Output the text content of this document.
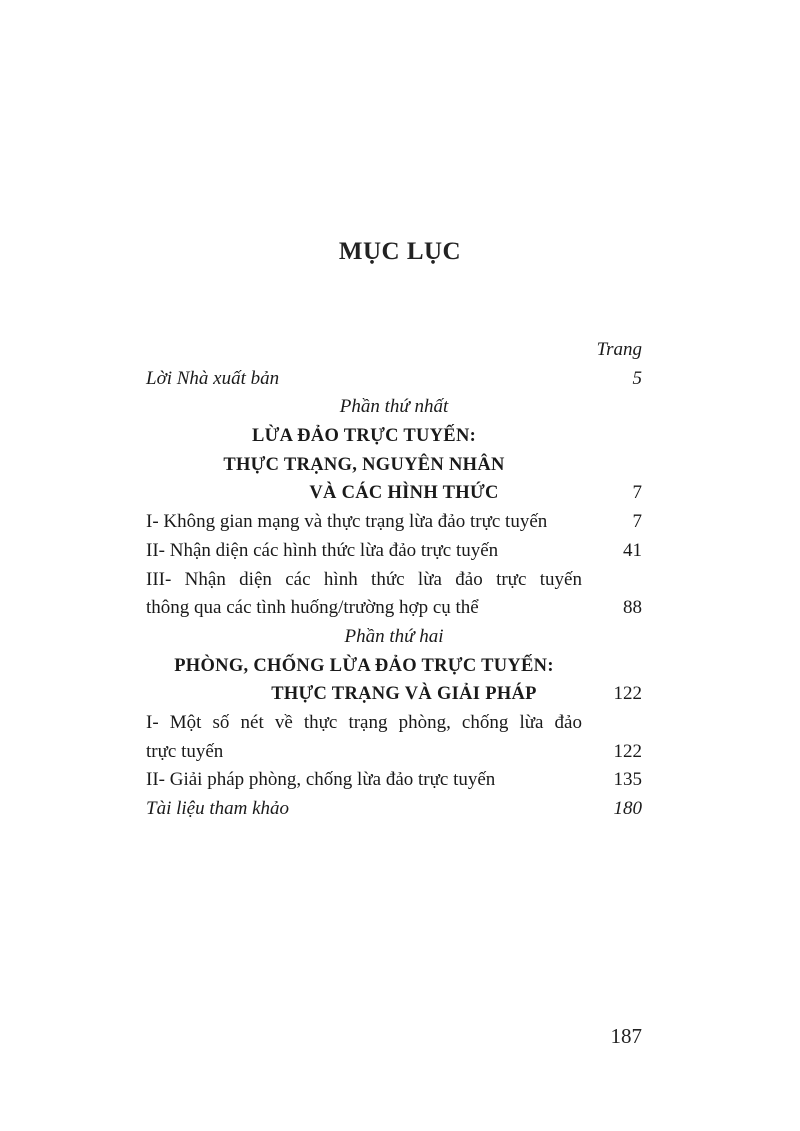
MỤC LỤC
Trang
Lời Nhà xuất bản	5
Phần thứ nhất
LỪA ĐẢO TRỰC TUYẾN:
THỰC TRẠNG, NGUYÊN NHÂN
VÀ CÁC HÌNH THỨC	7
I- Không gian mạng và thực trạng lừa đảo trực tuyến	7
II- Nhận diện các hình thức lừa đảo trực tuyến	41
III- Nhận diện các hình thức lừa đảo trực tuyến
thông qua các tình huống/trường hợp cụ thể	88
Phần thứ hai
PHÒNG, CHỐNG LỪA ĐẢO TRỰC TUYẾN:
THỰC TRẠNG VÀ GIẢI PHÁP	122
I- Một số nét về thực trạng phòng, chống lừa đảo
trực tuyến	122
II- Giải pháp phòng, chống lừa đảo trực tuyến	135
Tài liệu tham khảo	180
187
